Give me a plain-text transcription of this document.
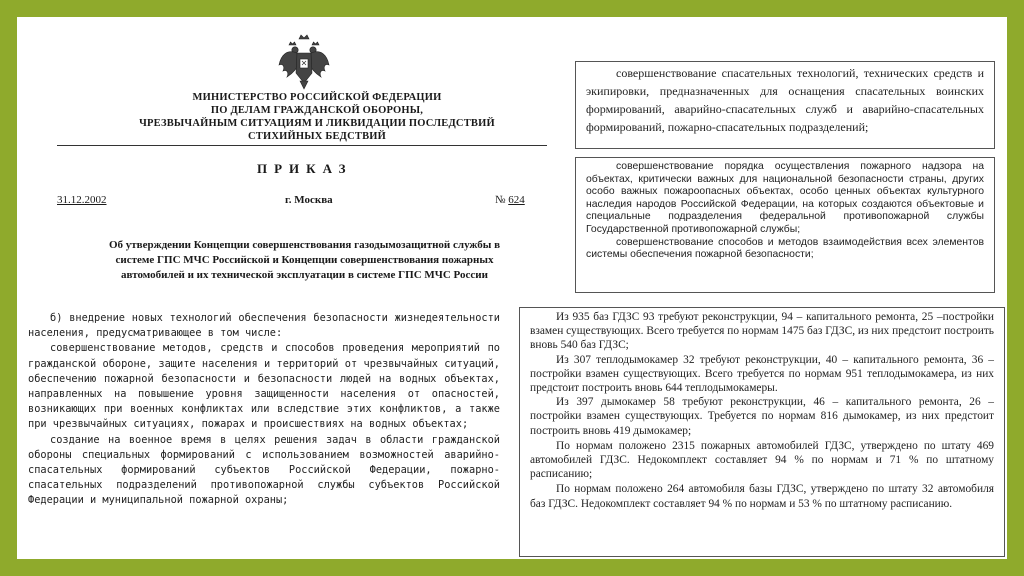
МИНИСТЕРСТВО РОССИЙСКОЙ ФЕДЕРАЦИИ
ПО ДЕЛАМ ГРАЖДАНСКОЙ ОБОРОНЫ,
ЧРЕЗВЫЧАЙНЫМ СИТУАЦИЯМ И ЛИКВИДАЦИИ ПОСЛЕДСТВИЙ
СТИХИЙНЫХ БЕДСТВИЙ
ПРИКАЗ
31.12.2002	г. Москва	№ 624
Об утверждении Концепции совершенствования газодымозащитной службы в
системе ГПС МЧС Российской и Концепции совершенствования пожарных
автомобилей и их технической эксплуатации в системе ГПС МЧС России

совершенствование спасательных технологий, технических средств и экипировки, предназначенных для оснащения спасательных воинских формирований, аварийно-спасательных служб и аварийно-спасательных формирований, пожарно-спасательных подразделений;

совершенствование порядка осуществления пожарного надзора на объектах, критически важных для национальной безопасности страны, других особо важных пожароопасных объектах, особо ценных объектах культурного наследия народов Российской Федерации, на которых создаются объектовые и специальные подразделения федеральной противопожарной службы Государственной противопожарной службы;

совершенствование способов и методов взаимодействия всех элементов системы обеспечения пожарной безопасности;

б) внедрение новых технологий обеспечения безопасности жизнедеятельности населения, предусматривающее в том числе:

совершенствование методов, средств и способов проведения мероприятий по гражданской обороне, защите населения и территорий от чрезвычайных ситуаций, обеспечению пожарной безопасности и безопасности людей на водных объектах, направленных на повышение уровня защищенности населения от опасностей, возникающих при военных конфликтах или вследствие этих конфликтов, а также при чрезвычайных ситуациях, пожарах и происшествиях на водных объектах;

создание на военное время в целях решения задач в области гражданской обороны специальных формирований с использованием возможностей аварийно-спасательных формирований субъектов Российской Федерации, пожарно-спасательных подразделений противопожарной службы субъектов Российской Федерации и муниципальной пожарной охраны;

Из 935 баз ГДЗС 93 требуют реконструкции, 94 – капитального ремонта, 25 –постройки взамен существующих. Всего требуется по нормам 1475 баз ГДЗС, из них предстоит построить вновь 540 баз ГДЗС;

Из 307 теплодымокамер 32 требуют реконструкции, 40 – капитального ремонта, 36 – постройки взамен существующих. Всего требуется по нормам 951 теплодымокамера, из них предстоит построить вновь 644 теплодымокамеры.

Из 397 дымокамер 58 требуют реконструкции, 46 – капитального ремонта, 26 – постройки взамен существующих. Требуется по нормам 816 дымокамер, из них предстоит построить вновь 419 дымокамер;

По нормам положено 2315 пожарных автомобилей ГДЗС, утверждено по штату 469 автомобилей ГДЗС. Недокомплект составляет 94 % по нормам и 71 % по штатному расписанию;

По нормам положено 264 автомобиля базы ГДЗС, утверждено по штату 32 автомобиля баз ГДЗС. Недокомплект составляет 94 % по нормам и 53 % по штатному расписанию.
